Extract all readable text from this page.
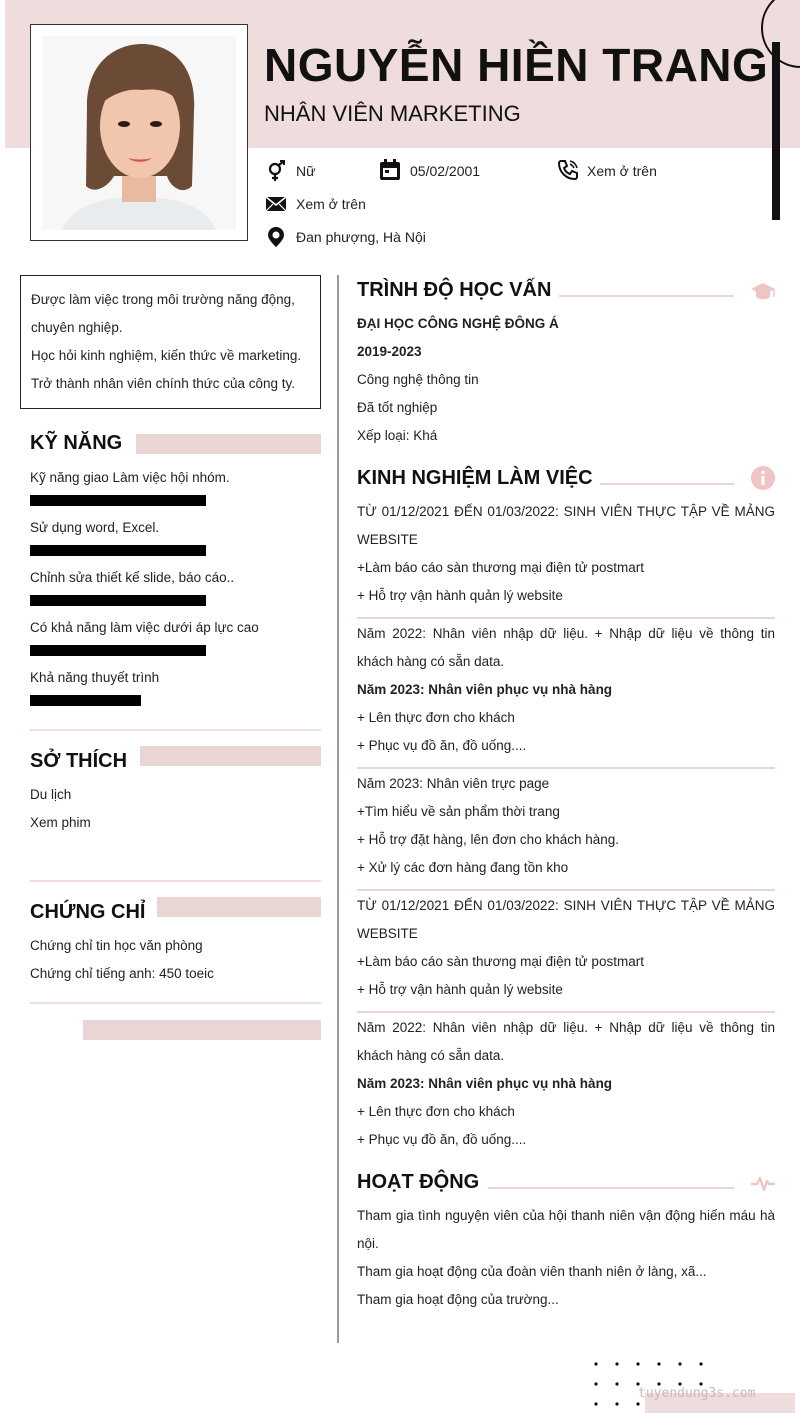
NGUYỄN HIỀN TRANG
NHÂN VIÊN MARKETING
Nữ	05/02/2001	Xem ở trên
Xem ở trên
Đan phượng, Hà Nội
Được làm việc trong môi trường năng động,
chuyên nghiệp.
Học hỏi kinh nghiệm, kiến thức về marketing.
Trở thành nhân viên chính thức của công ty.
KỸ NĂNG
Kỹ năng giao Làm việc hội nhóm.
Sử dụng word, Excel.
Chỉnh sửa thiết kế slide, báo cáo..
Có khả năng làm việc dưới áp lực cao
Khả năng thuyết trình
SỞ THÍCH
Du lịch
Xem phim
CHỨNG CHỈ
Chứng chỉ tin học văn phòng
Chứng chỉ tiếng anh: 450 toeic
TRÌNH ĐỘ HỌC VẤN
ĐẠI HỌC CÔNG NGHỆ ĐÔNG Á
2019-2023
Công nghệ thông tin
Đã tốt nghiệp
Xếp loại: Khá
KINH NGHIỆM LÀM VIỆC
TỪ 01/12/2021 ĐẾN 01/03/2022: SINH VIÊN THỰC TẬP VỀ MẢNG WEBSITE
+Làm báo cáo sàn thương mại điện tử postmart
+ Hỗ trợ vận hành quản lý website
Năm 2022: Nhân viên nhập dữ liệu. + Nhập dữ liệu về thông tin khách hàng có sẵn data.
Năm 2023: Nhân viên phục vụ nhà hàng
+ Lên thực đơn cho khách
+ Phục vụ đồ ăn, đồ uống....
Năm 2023: Nhân viên trực page
+Tìm hiểu về sản phẩm thời trang
+ Hỗ trợ đặt hàng, lên đơn cho khách hàng.
+ Xử lý các đơn hàng đang tồn kho
TỪ 01/12/2021 ĐẾN 01/03/2022: SINH VIÊN THỰC TẬP VỀ MẢNG WEBSITE
+Làm báo cáo sàn thương mại điện tử postmart
+ Hỗ trợ vận hành quản lý website
Năm 2022: Nhân viên nhập dữ liệu. + Nhập dữ liệu về thông tin khách hàng có sẵn data.
Năm 2023: Nhân viên phục vụ nhà hàng
+ Lên thực đơn cho khách
+ Phục vụ đồ ăn, đồ uống....
HOẠT ĐỘNG
Tham gia tình nguyện viên của hội thanh niên vận động hiến máu hà nội.
Tham gia hoạt động của đoàn viên thanh niên ở làng, xã...
Tham gia hoạt động của trường...
tuyendung3s.com
